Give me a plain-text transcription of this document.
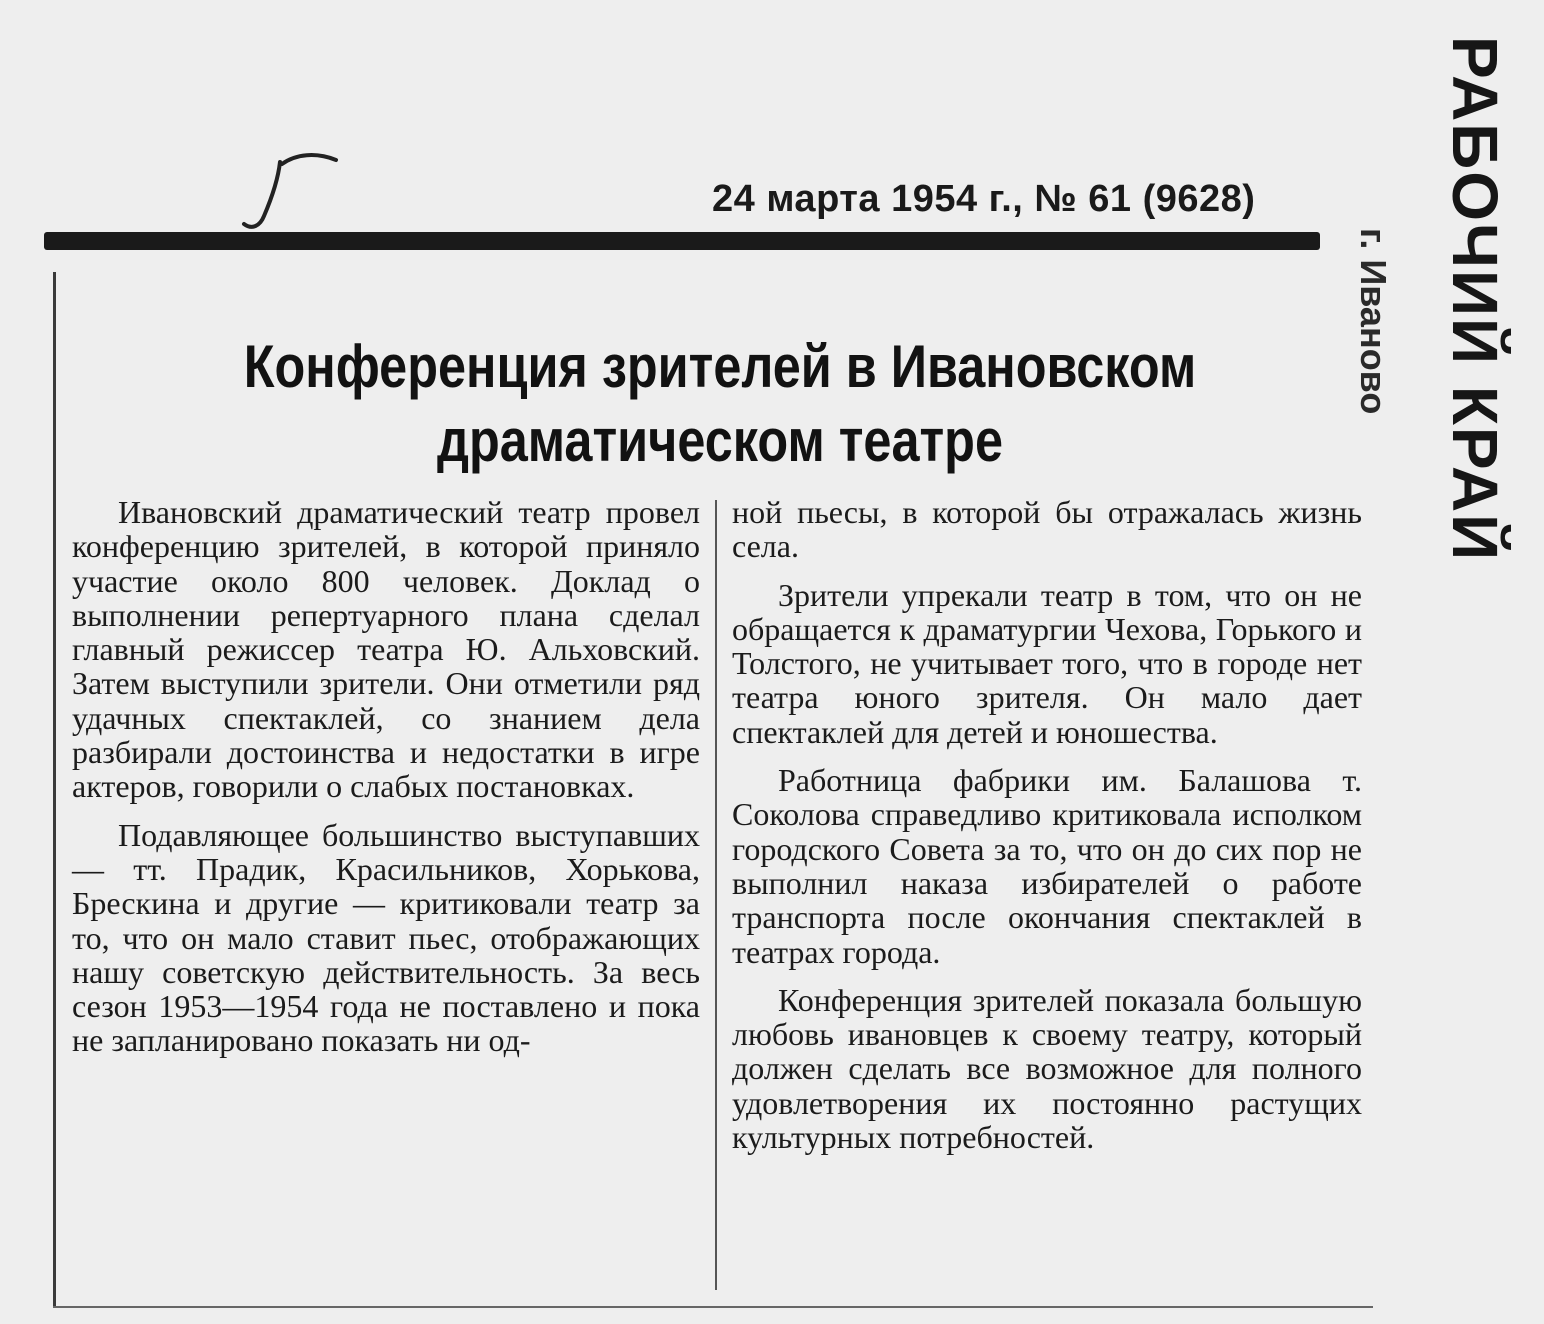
24 марта 1954 г., № 61 (9628)
Конференция зрителей в Ивановском
драматическом театре

Ивановский драматический театр провел конференцию зрителей, в которой приняло участие около 800 человек. Доклад о выполнении репертуарного плана сделал главный режиссер театра Ю. Альховский. Затем выступили зрители. Они отметили ряд удачных спектаклей, со знанием дела разбирали достоинства и недостатки в игре актеров, говорили о слабых постановках.

Подавляющее большинство выступавших — тт. Прадик, Красильников, Хорькова, Брескина и другие — критиковали театр за то, что он мало ставит пьес, отображающих нашу советскую действительность. За весь сезон 1953—1954 года не поставлено и пока не запланировано показать ни од-

ной пьесы, в которой бы отражалась жизнь села.

Зрители упрекали театр в том, что он не обращается к драматургии Чехова, Горького и Толстого, не учитывает того, что в городе нет театра юного зрителя. Он мало дает спектаклей для детей и юношества.

Работница фабрики им. Балашова т. Соколова справедливо критиковала исполком городского Совета за то, что он до сих пор не выполнил наказа избирателей о работе транспорта после окончания спектаклей в театрах города.

Конференция зрителей показала большую любовь ивановцев к своему театру, который должен сделать все возможное для полного удовлетворения их постоянно растущих культурных потребностей.

РАБОЧИЙ КРАЙ
г. Иваново
